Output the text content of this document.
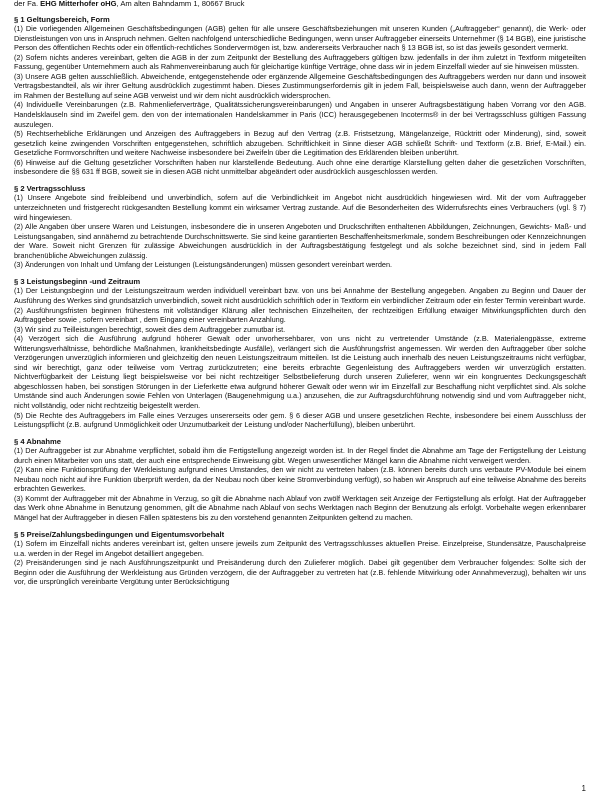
der Fa. EHG Mitterhofer oHG, Am alten Bahndamm 1, 80667 Bruck

§ 1 Geltungsbereich, Form

(1) Die vorliegenden Allgemeinen Geschäftsbedingungen (AGB) gelten für alle unsere Geschäftsbeziehungen mit unseren Kunden („Auftraggeber“ genannt), die Werk- oder Dienstleistungen von uns in Anspruch nehmen. Gelten nachfolgend unterschiedliche Bedingungen, wenn unser Auftraggeber einerseits Unternehmer (§ 14 BGB), eine juristische Person des öffentlichen Rechts oder ein öffentlich-rechtliches Sondervermögen ist, bzw. andererseits Verbraucher nach § 13 BGB ist, so ist das jeweils gesondert vermerkt.

(2) Sofern nichts anderes vereinbart, gelten die AGB in der zum Zeitpunkt der Bestellung des Auftraggebers gültigen bzw. jedenfalls in der ihm zuletzt in Textform mitgeteilten Fassung, gegenüber Unternehmern auch als Rahmenvereinbarung auch für gleichartige künftige Verträge, ohne dass wir in jedem Einzelfall wieder auf sie hinweisen müssten.

(3) Unsere AGB gelten ausschließlich. Abweichende, entgegenstehende oder ergänzende Allgemeine Geschäftsbedingungen des Auftraggebers werden nur dann und insoweit Vertragsbestandteil, als wir ihrer Geltung ausdrücklich zugestimmt haben. Dieses Zustimmungserfordernis gilt in jedem Fall, beispielsweise auch dann, wenn der Auftraggeber im Rahmen der Bestellung auf seine AGB verweist und wir dem nicht ausdrücklich widersprochen.

(4) Individuelle Vereinbarungen (z.B. Rahmenlieferverträge, Qualitätssicherungsvereinbarungen) und Angaben in unserer Auftragsbestätigung haben Vorrang vor den AGB. Handelsklauseln sind im Zweifel gem. den von der internationalen Handelskammer in Paris (ICC) herausgegebenen Incoterms® in der bei Vertragsschluss gültigen Fassung auszulegen.

(5) Rechtserhebliche Erklärungen und Anzeigen des Auftraggebers in Bezug auf den Vertrag (z.B. Fristsetzung, Mängelanzeige, Rücktritt oder Minderung), sind, soweit gesetzlich keine zwingenden Vorschriften entgegenstehen, schriftlich abzugeben. Schriftlichkeit in Sinne dieser AGB schließt Schrift- und Textform (z.B. Brief, E-Mail.) ein. Gesetzliche Formvorschriften und weitere Nachweise insbesondere bei Zweifeln über die Legitimation des Erklärenden bleiben unberührt.

(6) Hinweise auf die Geltung gesetzlicher Vorschriften haben nur klarstellende Bedeutung. Auch ohne eine derartige Klarstellung gelten daher die gesetzlichen Vorschriften, insbesondere die §§ 631 ff BGB, soweit sie in diesen AGB nicht unmittelbar abgeändert oder ausdrücklich ausgeschlossen werden.

§ 2 Vertragsschluss

(1) Unsere Angebote sind freibleibend und unverbindlich, sofern auf die Verbindlichkeit im Angebot nicht ausdrücklich hingewiesen wird. Mit der vom Auftraggeber unterzeichneten und fristgerecht rückgesandten Bestellung kommt ein wirksamer Vertrag zustande. Auf die Besonderheiten des Widerrufsrechts eines Verbrauchers (vgl. § 7) wird hingewiesen.

(2) Alle Angaben über unsere Waren und Leistungen, insbesondere die in unseren Angeboten und Druckschriften enthaltenen Abbildungen, Zeichnungen, Gewichts- Maß- und Leistungsangaben, sind annähernd zu betrachtende Durchschnittswerte. Sie sind keine garantierten Beschaffenheitsmerkmale, sondern Beschreibungen oder Kennzeichnungen der Ware. Soweit nicht Grenzen für zulässige Abweichungen ausdrücklich in der Auftragsbestätigung festgelegt und als solche bezeichnet sind, sind in jedem Fall branchenübliche Abweichungen zulässig.

(3) Änderungen von Inhalt und Umfang der Leistungen (Leistungsänderungen) müssen gesondert vereinbart werden.

§ 3 Leistungsbeginn -und Zeitraum

(1) Der Leistungsbeginn und der Leistungszeitraum werden individuell vereinbart bzw. von uns bei Annahme der Bestellung angegeben. Angaben zu Beginn und Dauer der Ausführung des Werkes sind grundsätzlich unverbindlich, soweit nicht ausdrücklich schriftlich oder in Textform ein verbindlicher Zeitraum oder ein fester Termin vereinbart wurde.

(2) Ausführungsfristen beginnen frühestens mit vollständiger Klärung aller technischen Einzelheiten, der rechtzeitigen Erfüllung etwaiger Mitwirkungspflichten durch den Auftraggeber sowie , sofern vereinbart , dem Eingang einer vereinbarten Anzahlung.

(3) Wir sind zu Teilleistungen berechtigt, soweit dies dem Auftraggeber zumutbar ist.

(4) Verzögert sich die Ausführung aufgrund höherer Gewalt oder unvorhersehbarer, von uns nicht zu vertretender Umstände (z.B. Materialengpässe, extreme Witterungsverhältnisse, behördliche Maßnahmen, krankheitsbedingte Ausfälle), verlängert sich die Ausführungsfrist angemessen. Wir werden den Auftraggeber über solche Verzögerungen unverzüglich informieren und gleichzeitig den neuen Leistungszeitraum mitteilen. Ist die Leistung auch innerhalb des neuen Leistungszeitraums nicht verfügbar, sind wir berechtigt, ganz oder teilweise vom Vertrag zurückzutreten; eine bereits erbrachte Gegenleistung des Auftraggebers werden wir unverzüglich erstatten. Nichtverfügbarkeit der Leistung liegt beispielsweise vor bei nicht rechtzeitiger Selbstbelieferung durch unseren Zulieferer, wenn wir ein kongruentes Deckungsgeschäft abgeschlossen haben, bei sonstigen Störungen in der Lieferkette etwa aufgrund höherer Gewalt oder wenn wir im Einzelfall zur Beschaffung nicht verpflichtet sind. Als solche Umstände sind auch Änderungen sowie Fehlen von Unterlagen (Baugenehmigung u.a.) anzusehen, die zur Auftragsdurchführung notwendig sind und vom Auftraggeber nicht, nicht vollständig, oder nicht rechtzeitig beigestellt werden.

(5) Die Rechte des Auftraggebers im Falle eines Verzuges unsererseits oder gem. § 6 dieser AGB und unsere gesetzlichen Rechte, insbesondere bei einem Ausschluss der Leistungspflicht (z.B. aufgrund Unmöglichkeit oder Unzumutbarkeit der Leistung und/oder Nacherfüllung), bleiben unberührt.

§ 4 Abnahme

(1) Der Auftraggeber ist zur Abnahme verpflichtet, sobald ihm die Fertigstellung angezeigt worden ist. In der Regel findet die Abnahme am Tage der Fertigstellung der Leistung durch einen Mitarbeiter von uns statt, der auch eine entsprechende Einweisung gibt. Wegen unwesentlicher Mängel kann die Abnahme nicht verweigert werden.

(2) Kann eine Funktionsprüfung der Werkleistung aufgrund eines Umstandes, den wir nicht zu vertreten haben (z.B. können bereits durch uns verbaute PV-Module bei einem Neubau noch nicht auf ihre Funktion überprüft werden, da der Neubau noch über keine Stromverbindung verfügt), so haben wir Anspruch auf eine teilweise Abnahme des bereits erbrachten Gewerkes.

(3) Kommt der Auftraggeber mit der Abnahme in Verzug, so gilt die Abnahme nach Ablauf von zwölf Werktagen seit Anzeige der Fertigstellung als erfolgt. Hat der Auftraggeber das Werk ohne Abnahme in Benutzung genommen, gilt die Abnahme nach Ablauf von sechs Werktagen nach Beginn der Benutzung als erfolgt. Vorbehalte wegen erkennbarer Mängel hat der Auftraggeber in diesen Fällen spätestens bis zu den vorstehend genannten Zeitpunkten geltend zu machen.

§ 5 Preise/Zahlungsbedingungen und Eigentumsvorbehalt

(1) Sofern im Einzelfall nichts anderes vereinbart ist, gelten unsere jeweils zum Zeitpunkt des Vertragsschlusses aktuellen Preise. Einzelpreise, Stundensätze, Pauschalpreise u.a. werden in der Regel im Angebot detailliert angegeben.

(2) Preisänderungen sind je nach Ausführungszeitpunkt und Preisänderung durch den Zulieferer möglich. Dabei gilt gegenüber dem Verbraucher folgendes: Sollte sich der Beginn oder die Ausführung der Werkleistung aus Gründen verzögern, die der Auftraggeber zu vertreten hat (z.B. fehlende Mitwirkung oder Annahmeverzug), behalten wir uns vor, die ursprünglich vereinbarte Vergütung unter Berücksichtigung

1
